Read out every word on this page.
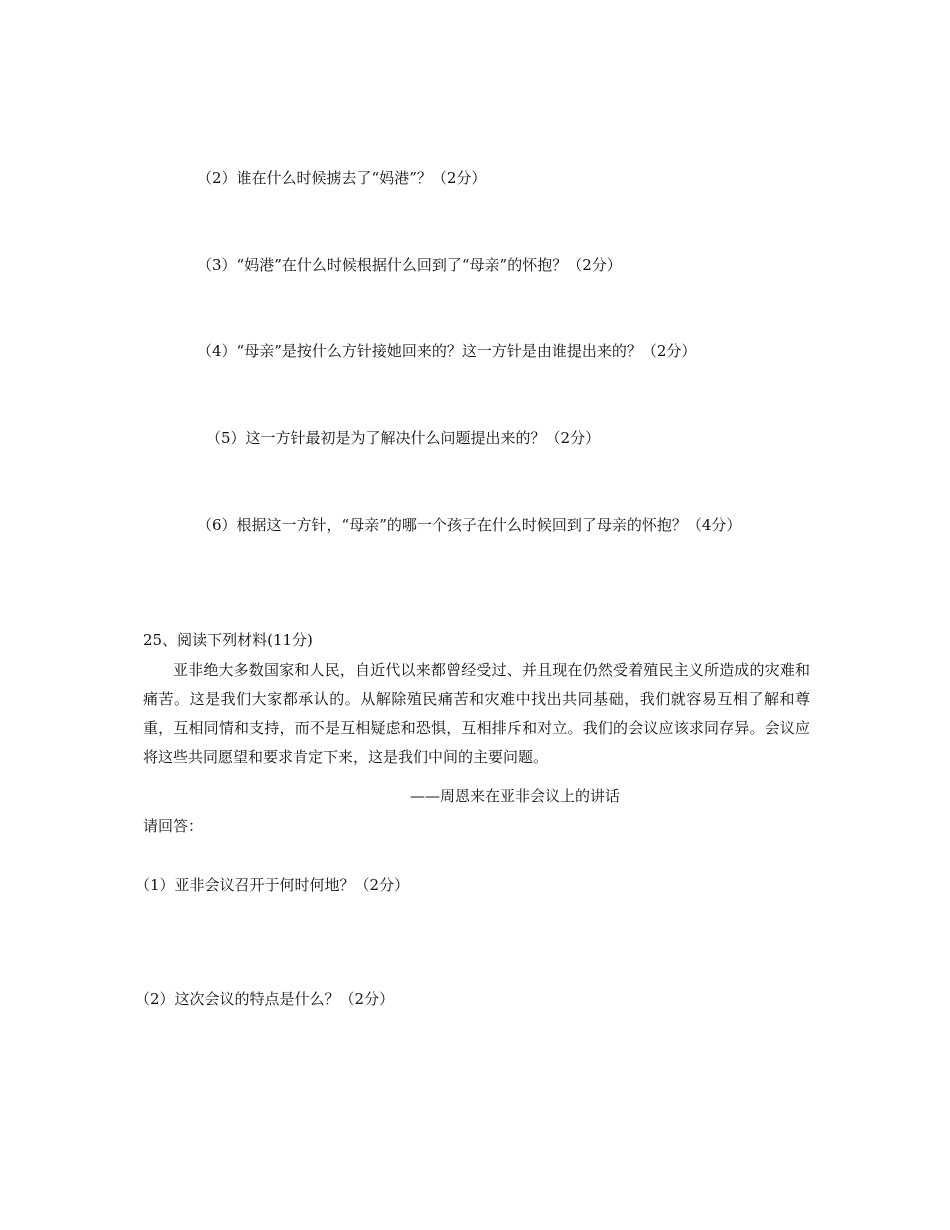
（2）谁在什么时候掳去了“妈港”？（2分）
（3）“妈港”在什么时候根据什么回到了“母亲”的怀抱？（2分）
（4）“母亲”是按什么方针接她回来的？这一方针是由谁提出来的？（2分）
（5）这一方针最初是为了解决什么问题提出来的？（2分）
（6）根据这一方针，“母亲”的哪一个孩子在什么时候回到了母亲的怀抱？（4分）
25、阅读下列材料(11分)

亚非绝大多数国家和人民，自近代以来都曾经受过、并且现在仍然受着殖民主义所造成的灾难和痛苦。这是我们大家都承认的。从解除殖民痛苦和灾难中找出共同基础，我们就容易互相了解和尊重，互相同情和支持，而不是互相疑虑和恐惧，互相排斥和对立。我们的会议应该求同存异。会议应将这些共同愿望和要求肯定下来，这是我们中间的主要问题。

——周恩来在亚非会议上的讲话
请回答：
（1）亚非会议召开于何时何地？（2分）
（2）这次会议的特点是什么？（2分）
